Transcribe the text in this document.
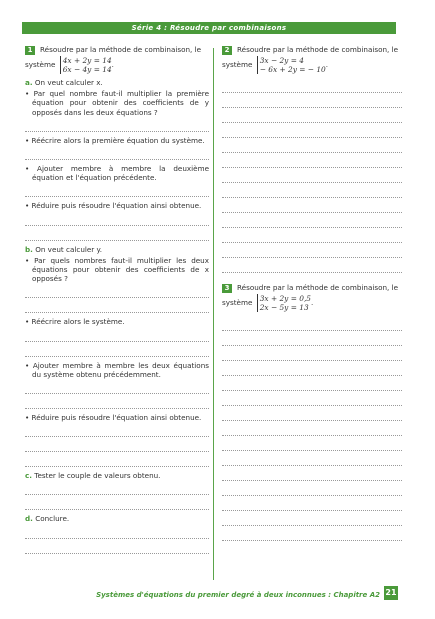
Série 4 : Résoudre par combinaisons
1 Résoudre par la méthode de combinaison, le
système 4x + 2y = 14
6x − 4y = 14.
a. On veut calculer x.
• Par quel nombre faut-il multiplier la première équation pour obtenir des coefficients de y opposés dans les deux équations ?
• Réécrire alors la première équation du système.
• Ajouter membre à membre la deuxième équation et l'équation précédente.
• Réduire puis résoudre l'équation ainsi obtenue.
b. On veut calculer y.
• Par quels nombres faut-il multiplier les deux équations pour obtenir des coefficients de x opposés ?
• Réécrire alors le système.
• Ajouter membre à membre les deux équations du système obtenu précédemment.
• Réduire puis résoudre l'équation ainsi obtenue.
c. Tester le couple de valeurs obtenu.
d. Conclure.
2 Résoudre par la méthode de combinaison, le
système 3x − 2y = 4
− 6x + 2y = − 10.
3 Résoudre par la méthode de combinaison, le
système 3x + 2y = 0,5
2x − 5y = 13.
Systèmes d'équations du premier degré à deux inconnues : Chapitre A2 21
